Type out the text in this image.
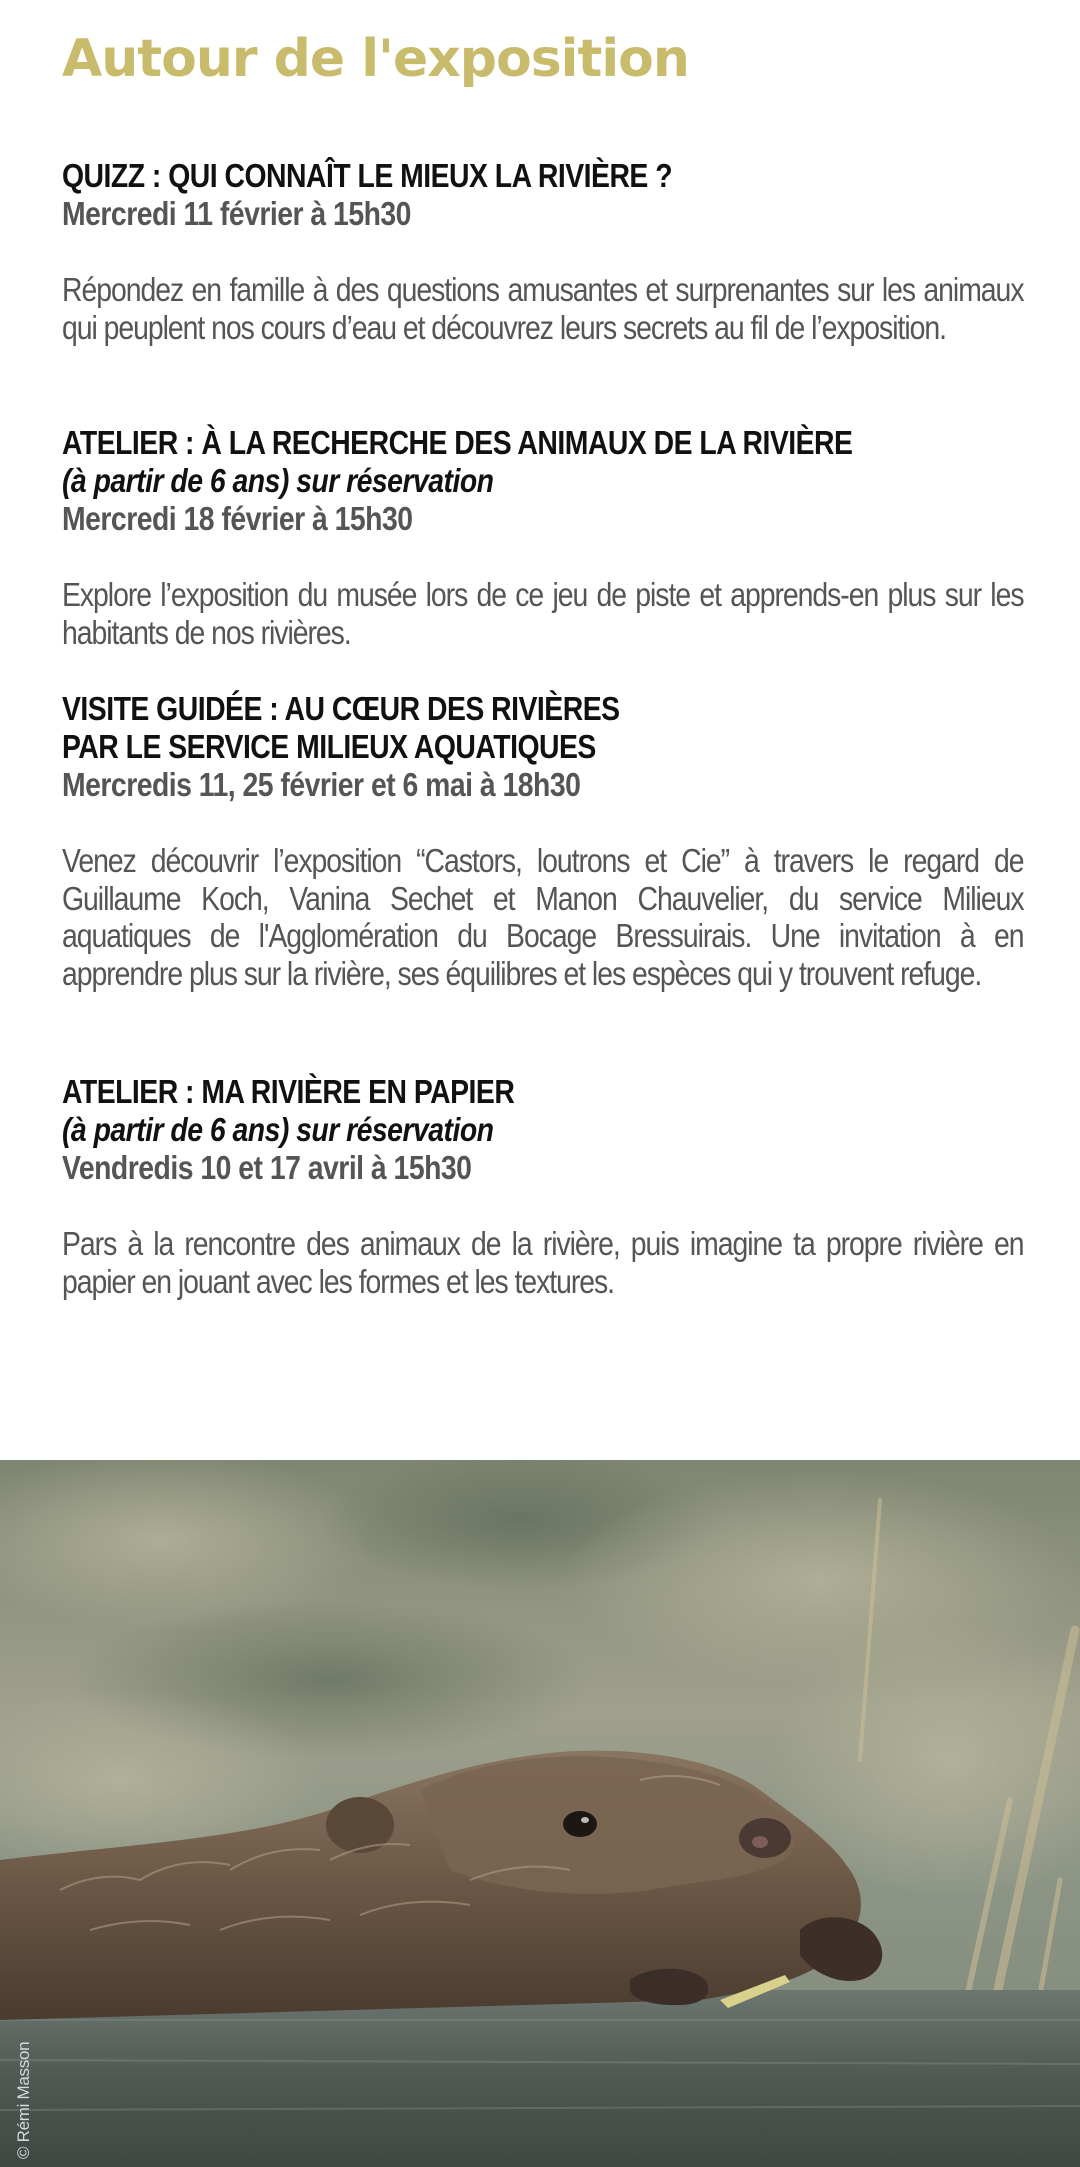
Autour de l'exposition
QUIZZ : QUI CONNAÎT LE MIEUX LA RIVIÈRE ?
Mercredi 11 février à 15h30
Répondez en famille à des questions amusantes et surprenantes sur les animaux qui peuplent nos cours d’eau et découvrez leurs secrets au fil de l’exposition.
ATELIER : À LA RECHERCHE DES ANIMAUX DE LA RIVIÈRE
(à partir de 6 ans) sur réservation
Mercredi 18 février à 15h30
Explore l’exposition du musée lors de ce jeu de piste et apprends-en plus sur les habitants de nos rivières.
VISITE GUIDÉE : AU CŒUR DES RIVIÈRES
PAR LE SERVICE MILIEUX AQUATIQUES
Mercredis 11, 25 février et 6 mai à 18h30
Venez découvrir l’exposition “Castors, loutrons et Cie” à travers le regard de Guillaume Koch, Vanina Sechet et Manon Chauvelier, du service Milieux aquatiques de l'Agglomération du Bocage Bressuirais. Une invitation à en apprendre plus sur la rivière, ses équilibres et les espèces qui y trouvent refuge.
ATELIER : MA RIVIÈRE EN PAPIER
(à partir de 6 ans) sur réservation
Vendredis 10 et 17 avril à 15h30
Pars à la rencontre des animaux de la rivière, puis imagine ta propre rivière en papier en jouant avec les formes et les textures.
© Rémi Masson
